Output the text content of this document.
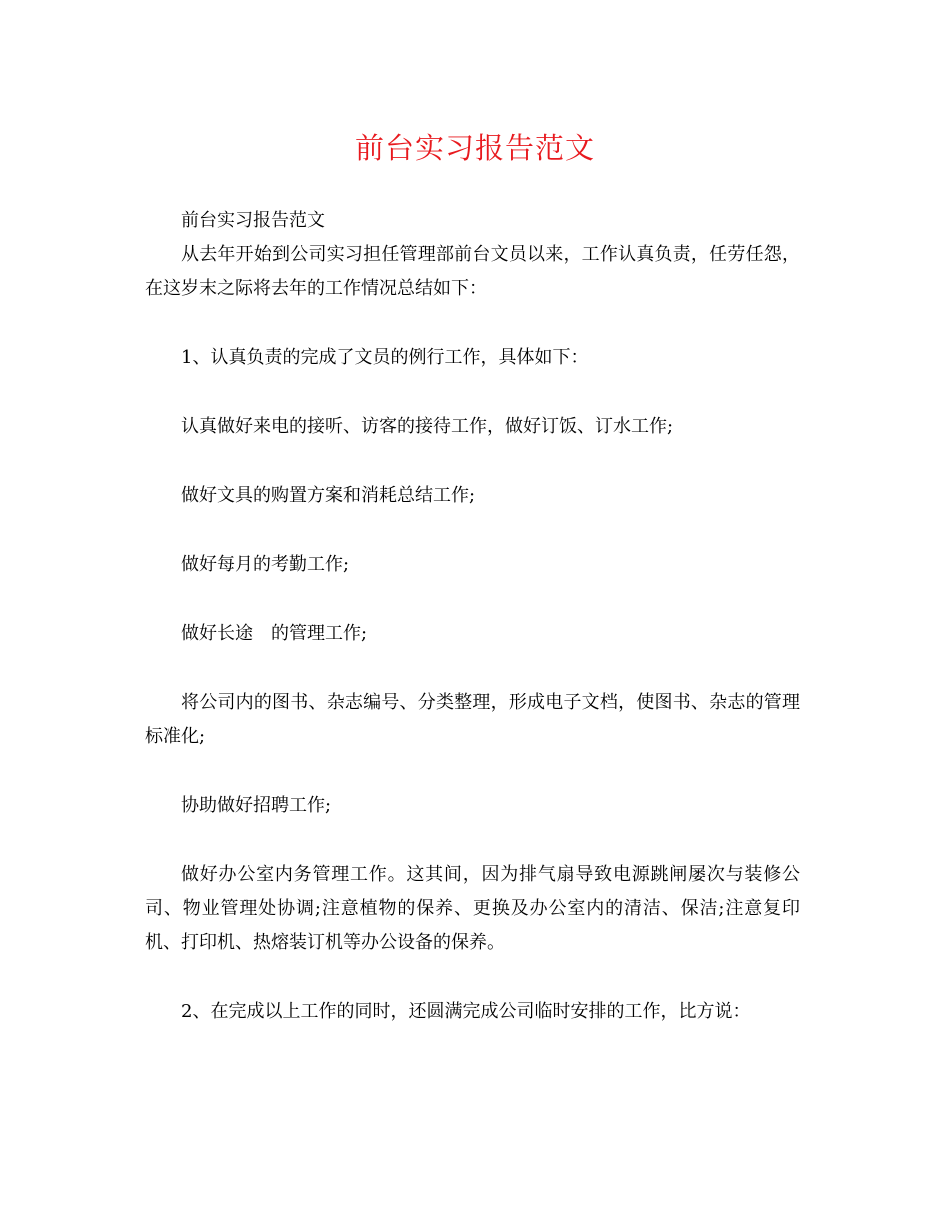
前台实习报告范文

前台实习报告范文

从去年开始到公司实习担任管理部前台文员以来，工作认真负责，任劳任怨，在这岁末之际将去年的工作情况总结如下：

1、认真负责的完成了文员的例行工作，具体如下：

认真做好来电的接听、访客的接待工作，做好订饭、订水工作;

做好文具的购置方案和消耗总结工作;

做好每月的考勤工作;

做好长途　的管理工作;

将公司内的图书、杂志编号、分类整理，形成电子文档，使图书、杂志的管理标准化;

协助做好招聘工作;

做好办公室内务管理工作。这其间，因为排气扇导致电源跳闸屡次与装修公司、物业管理处协调;注意植物的保养、更换及办公室内的清洁、保洁;注意复印机、打印机、热熔装订机等办公设备的保养。

2、在完成以上工作的同时，还圆满完成公司临时安排的工作，比方说：
